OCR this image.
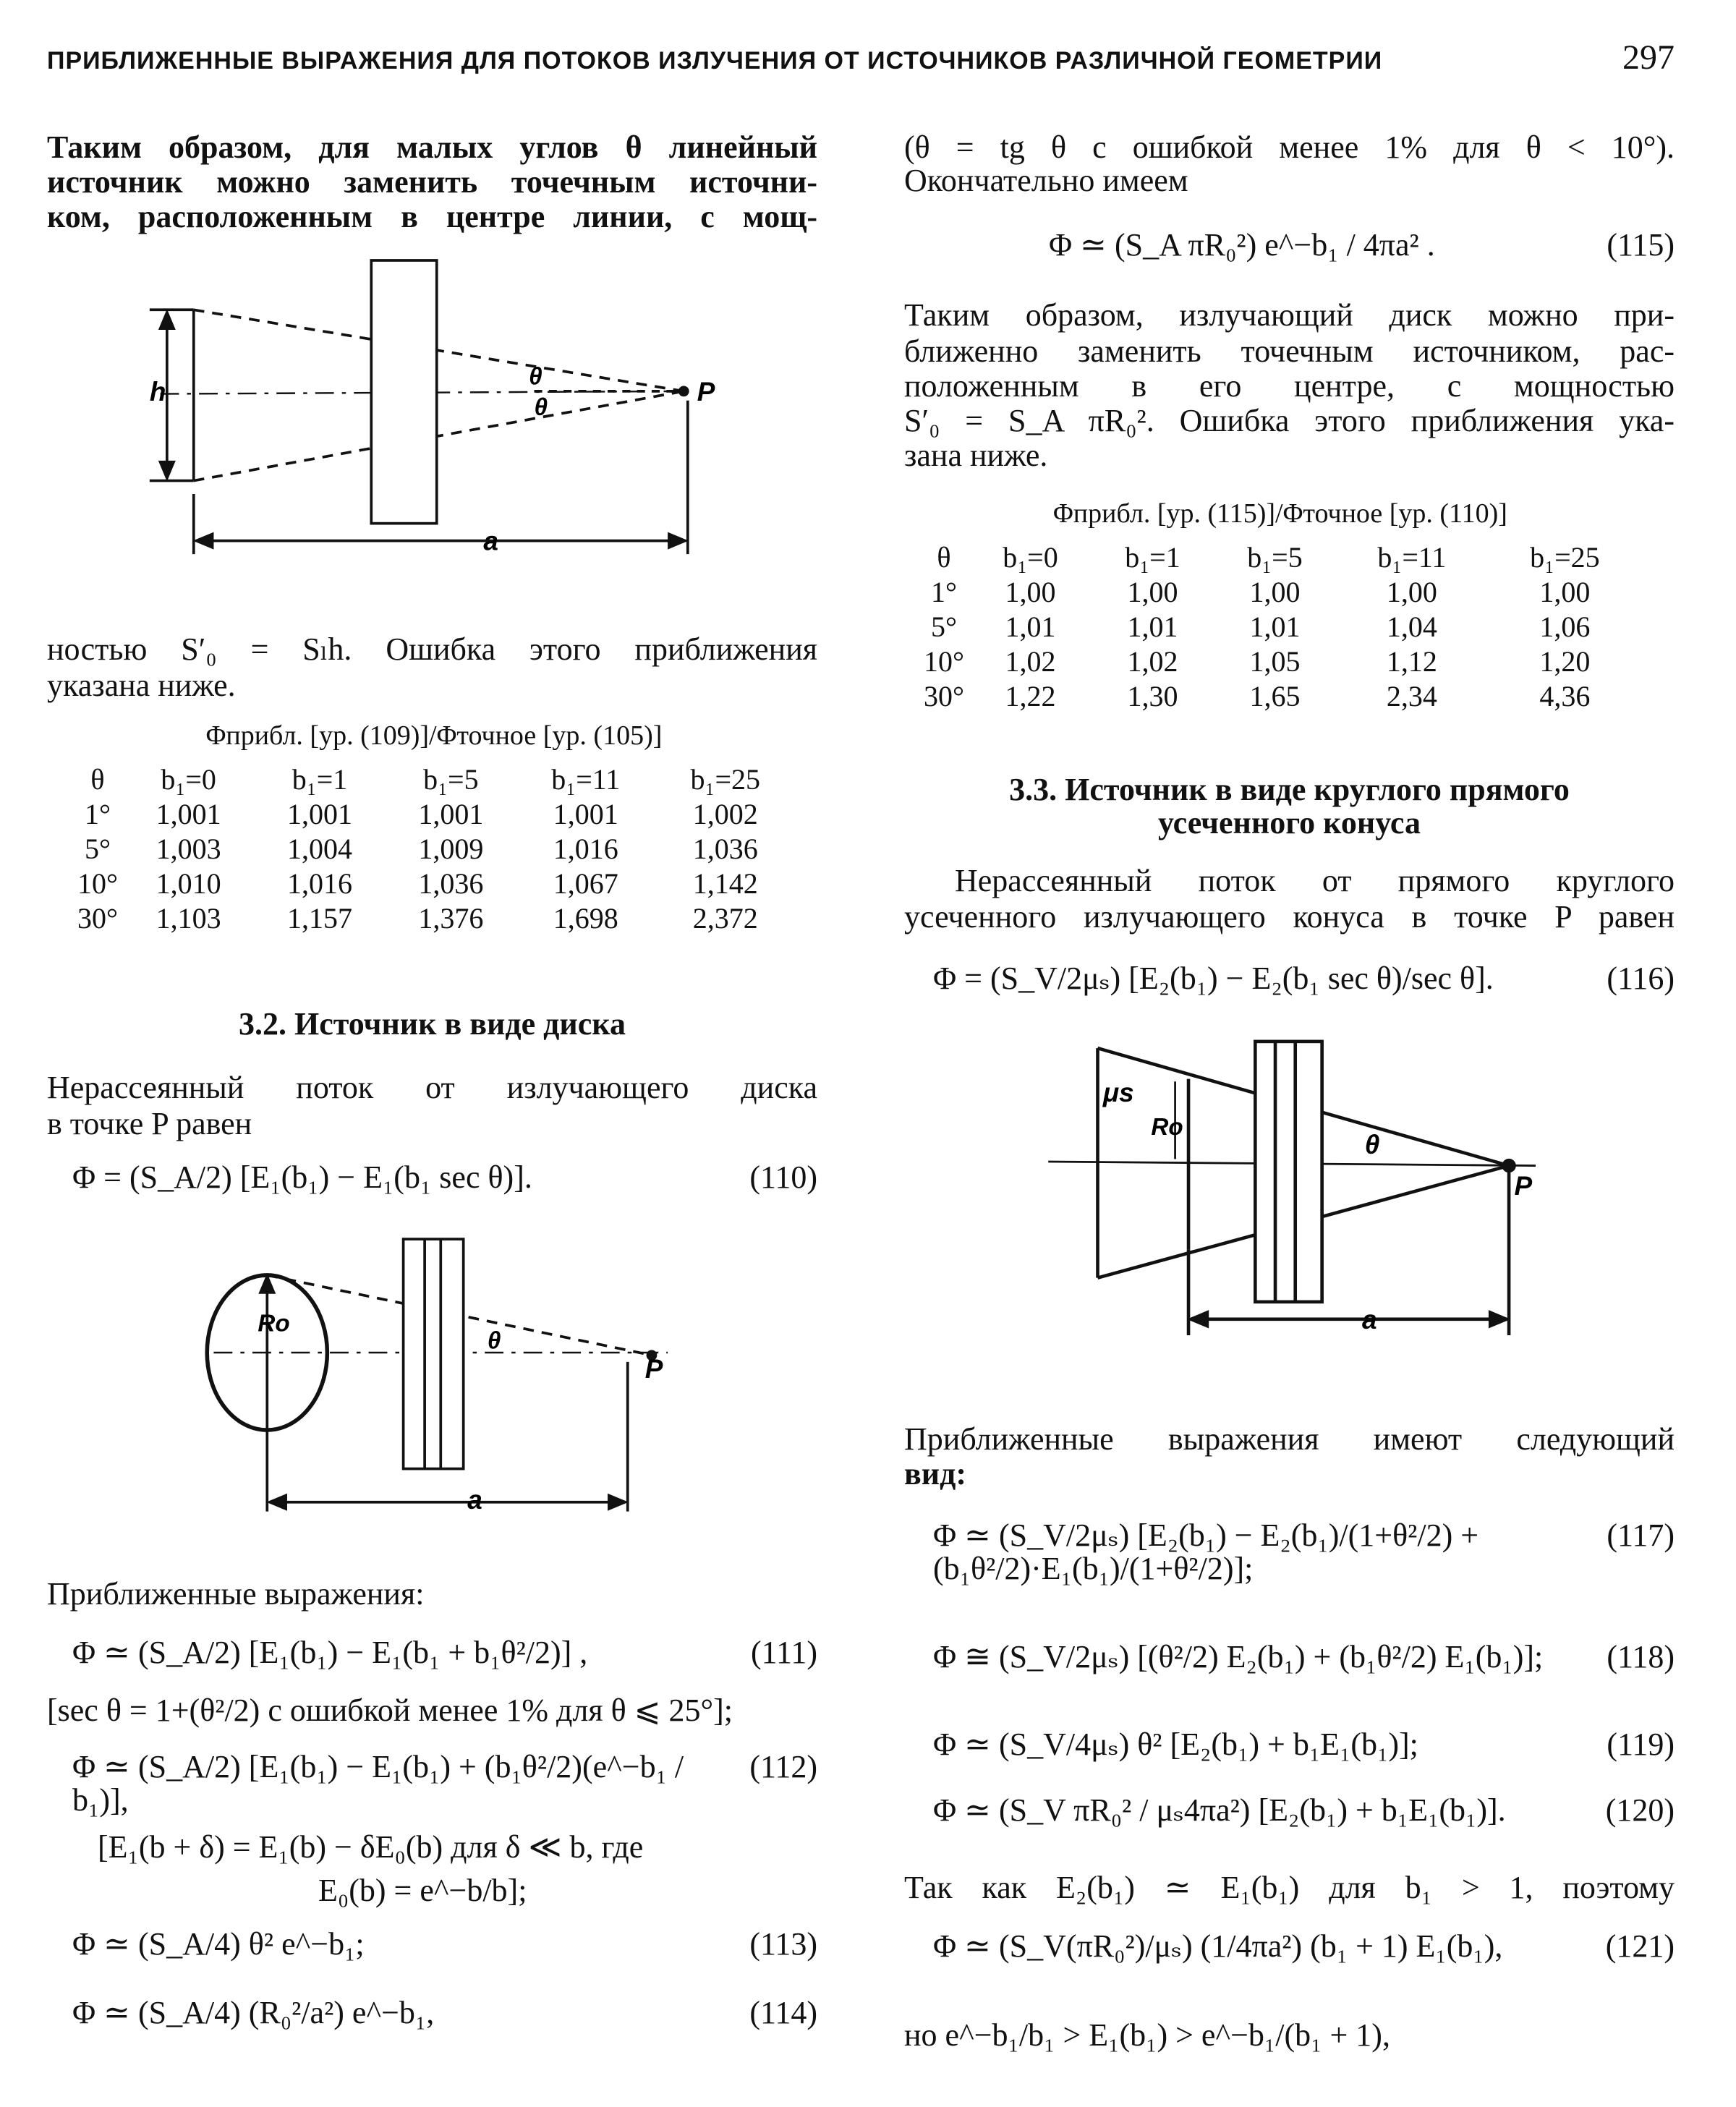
ПРИБЛИЖЕННЫЕ ВЫРАЖЕНИЯ ДЛЯ ПОТОКОВ ИЗЛУЧЕНИЯ ОТ ИСТОЧНИКОВ РАЗЛИЧНОЙ ГЕОМЕТРИИ	297
Таким образом, для малых углов θ линейный
источник можно заменить точечным источни-
ком, расположенным в центре линии, с мощ-
ностью S′₀ = Sₗh. Ошибка этого приближения
указана ниже.
Φприбл. [ур. (109)]/Φточное [ур. (105)]
θ	b₁=0	b₁=1	b₁=5	b₁=11	b₁=25
1°	1,001	1,001	1,001	1,001	1,002
5°	1,003	1,004	1,009	1,016	1,036
10°	1,010	1,016	1,036	1,067	1,142
30°	1,103	1,157	1,376	1,698	2,372
3.2. Источник в виде диска
Нерассеянный поток от излучающего диска
в точке P равен
Φ = (S_A/2) [E₁(b₁) − E₁(b₁ sec θ)].	(110)
Приближенные выражения:
Φ ≃ (S_A/2) [E₁(b₁) − E₁(b₁ + b₁θ²/2)] ,	(111)
[sec θ = 1+(θ²/2) с ошибкой менее 1% для θ ⩽ 25°];
Φ ≃ (S_A/2) [E₁(b₁) − E₁(b₁) + (b₁θ²/2)(e^−b₁ / b₁)],
(112)
[E₁(b + δ) = E₁(b) − δE₀(b) для δ ≪ b, где
E₀(b) = e^−b/b];
Φ ≃ (S_A/4) θ² e^−b₁;	(113)
Φ ≃ (S_A/4) (R₀²/a²) e^−b₁,	(114)
(θ = tg θ с ошибкой менее 1% для θ < 10°).
Окончательно имеем
Φ ≃ (S_A πR₀²) e^−b₁ / 4πa² .	(115)
Таким образом, излучающий диск можно при-
ближенно заменить точечным источником, рас-
положенным в его центре, с мощностью
S′₀ = S_A πR₀². Ошибка этого приближения ука-
зана ниже.
Φприбл. [ур. (115)]/Φточное [ур. (110)]
θ	b₁=0	b₁=1	b₁=5	b₁=11	b₁=25
1°	1,00	1,00	1,00	1,00	1,00
5°	1,01	1,01	1,01	1,04	1,06
10°	1,02	1,02	1,05	1,12	1,20
30°	1,22	1,30	1,65	2,34	4,36
3.3. Источник в виде круглого прямого
усеченного конуса
Нерассеянный поток от прямого круглого
усеченного излучающего конуса в точке P равен
Φ = (S_V/2μₛ) [E₂(b₁) − E₂(b₁ sec θ)/sec θ].	(116)
Приближенные выражения имеют следующий
вид:
Φ ≃ (S_V/2μₛ) [E₂(b₁) − E₂(b₁)/(1+θ²/2) + (b₁θ²/2)·E₁(b₁)/(1+θ²/2)];
(117)
Φ ≅ (S_V/2μₛ) [(θ²/2) E₂(b₁) + (b₁θ²/2) E₁(b₁)];	(118)
Φ ≃ (S_V/4μₛ) θ² [E₂(b₁) + b₁E₁(b₁)];	(119)
Φ ≃ (S_V πR₀² / μₛ4πa²) [E₂(b₁) + b₁E₁(b₁)].	(120)
Так как E₂(b₁) ≃ E₁(b₁) для b₁ > 1, поэтому
Φ ≃ (S_V(πR₀²)/μₛ) (1/4πa²) (b₁ + 1) E₁(b₁),	(121)
но e^−b₁/b₁ > E₁(b₁) > e^−b₁/(b₁ + 1),
h	θ
θ
P
a
Ro
θ
P
a
μs
Ro
θ
P
a
